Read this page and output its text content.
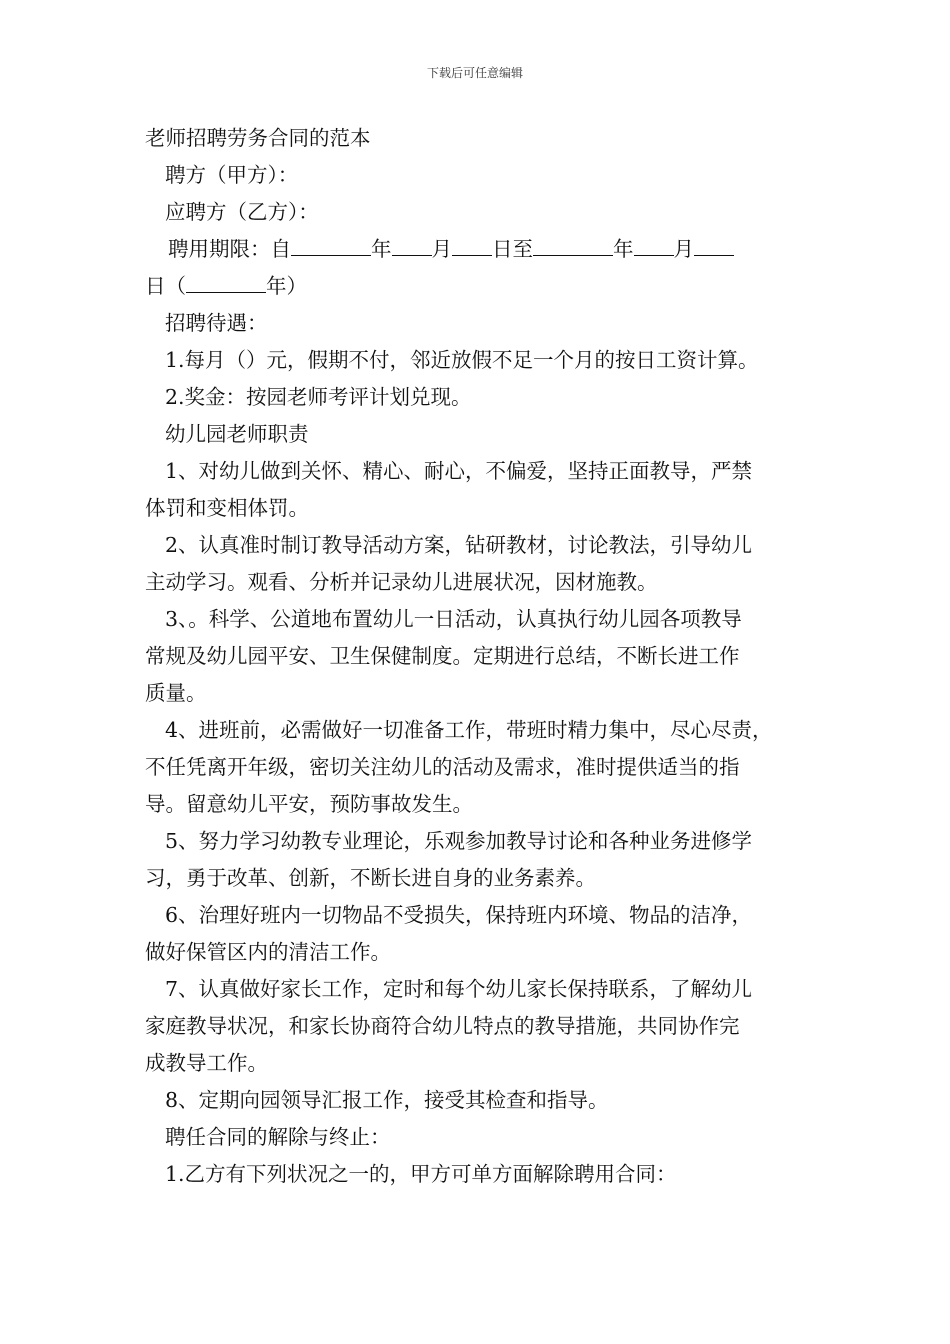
下载后可任意编辑
老师招聘劳务合同的范本
聘方（甲方）：
应聘方（乙方）：
聘用期限：自	年 月 日至	年 月
日（	年）
招聘待遇：
1.每月（）元，假期不付，邻近放假不足一个月的按日工资计算。
2.奖金：按园老师考评计划兑现。
幼儿园老师职责
1、对幼儿做到关怀、精心、耐心，不偏爱，坚持正面教导，严禁
体罚和变相体罚。
2、认真准时制订教导活动方案，钻研教材，讨论教法，引导幼儿
主动学习。观看、分析并记录幼儿进展状况，因材施教。
3、。科学、公道地布置幼儿一日活动，认真执行幼儿园各项教导
常规及幼儿园平安、卫生保健制度。定期进行总结，不断长进工作
质量。
4、进班前，必需做好一切准备工作，带班时精力集中，尽心尽责，
不任凭离开年级，密切关注幼儿的活动及需求，准时提供适当的指
导。留意幼儿平安，预防事故发生。
5、努力学习幼教专业理论，乐观参加教导讨论和各种业务进修学
习，勇于改革、创新，不断长进自身的业务素养。
6、治理好班内一切物品不受损失，保持班内环境、物品的洁净，
做好保管区内的清洁工作。
7、认真做好家长工作，定时和每个幼儿家长保持联系，了解幼儿
家庭教导状况，和家长协商符合幼儿特点的教导措施，共同协作完
成教导工作。
8、定期向园领导汇报工作，接受其检查和指导。
聘任合同的解除与终止：
1.乙方有下列状况之一的，甲方可单方面解除聘用合同：
